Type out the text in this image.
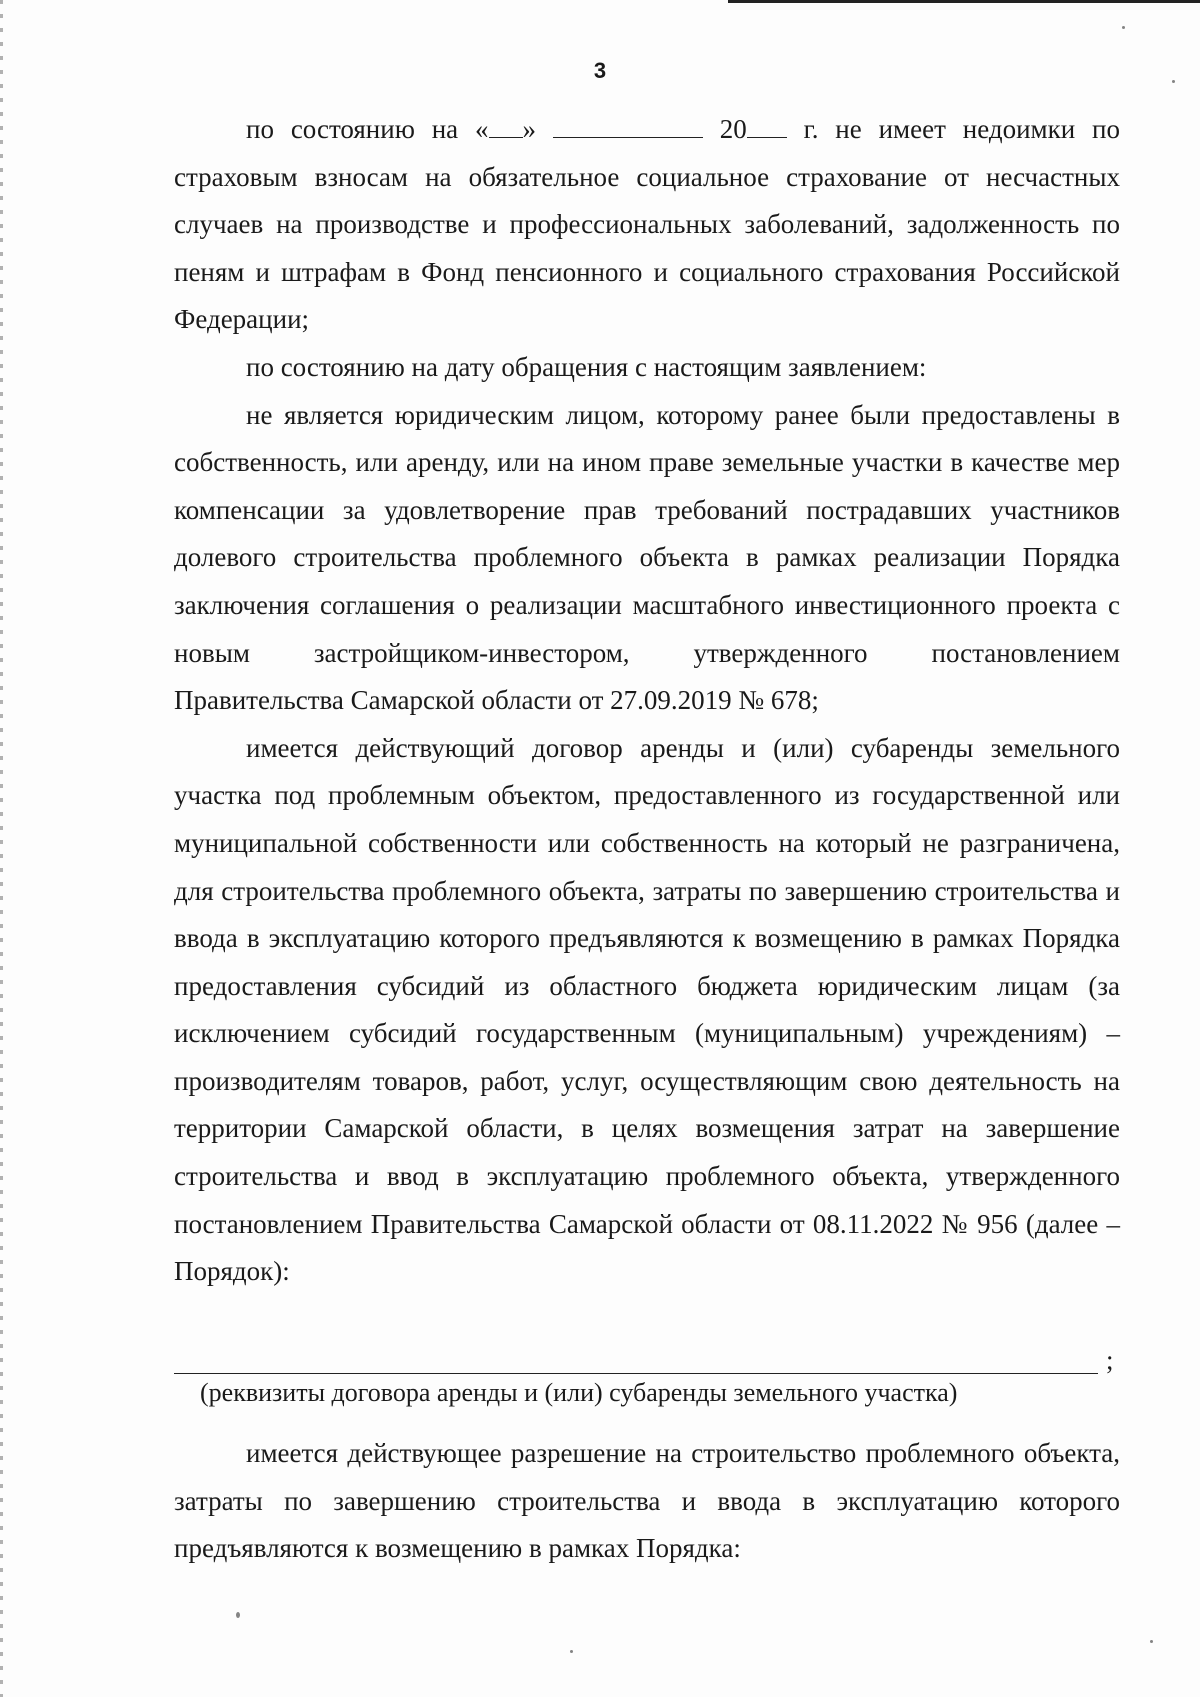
3

по состоянию на « »	20 г. не имеет недоимки по страховым взносам на обязательное социальное страхование от несчастных случаев на производстве и профессиональных заболеваний, задолженность по пеням и штрафам в Фонд пенсионного и социального страхования Российской Федерации;

по состоянию на дату обращения с настоящим заявлением:

не является юридическим лицом, которому ранее были предоставлены в собственность, или аренду, или на ином праве земельные участки в качестве мер компенсации за удовлетворение прав требований пострадавших участников долевого строительства проблемного объекта в рамках реализации Порядка заключения соглашения о реализации масштабного инвестиционного проекта с новым застройщиком-инвестором, утвержденного постановлением Правительства Самарской области от 27.09.2019 № 678;

имеется действующий договор аренды и (или) субаренды земельного участка под проблемным объектом, предоставленного из государственной или муниципальной собственности или собственность на который не разграничена, для строительства проблемного объекта, затраты по завершению строительства и ввода в эксплуатацию которого предъявляются к возмещению в рамках Порядка предоставления субсидий из областного бюджета юридическим лицам (за исключением субсидий государственным (муниципальным) учреждениям) – производителям товаров, работ, услуг, осуществляющим свою деятельность на территории Самарской области, в целях возмещения затрат на завершение строительства и ввод в эксплуатацию проблемного объекта, утвержденного постановлением Правительства Самарской области от 08.11.2022 № 956 (далее – Порядок):

;
(реквизиты договора аренды и (или) субаренды земельного участка)

имеется действующее разрешение на строительство проблемного объекта, затраты по завершению строительства и ввода в эксплуатацию которого предъявляются к возмещению в рамках Порядка:
